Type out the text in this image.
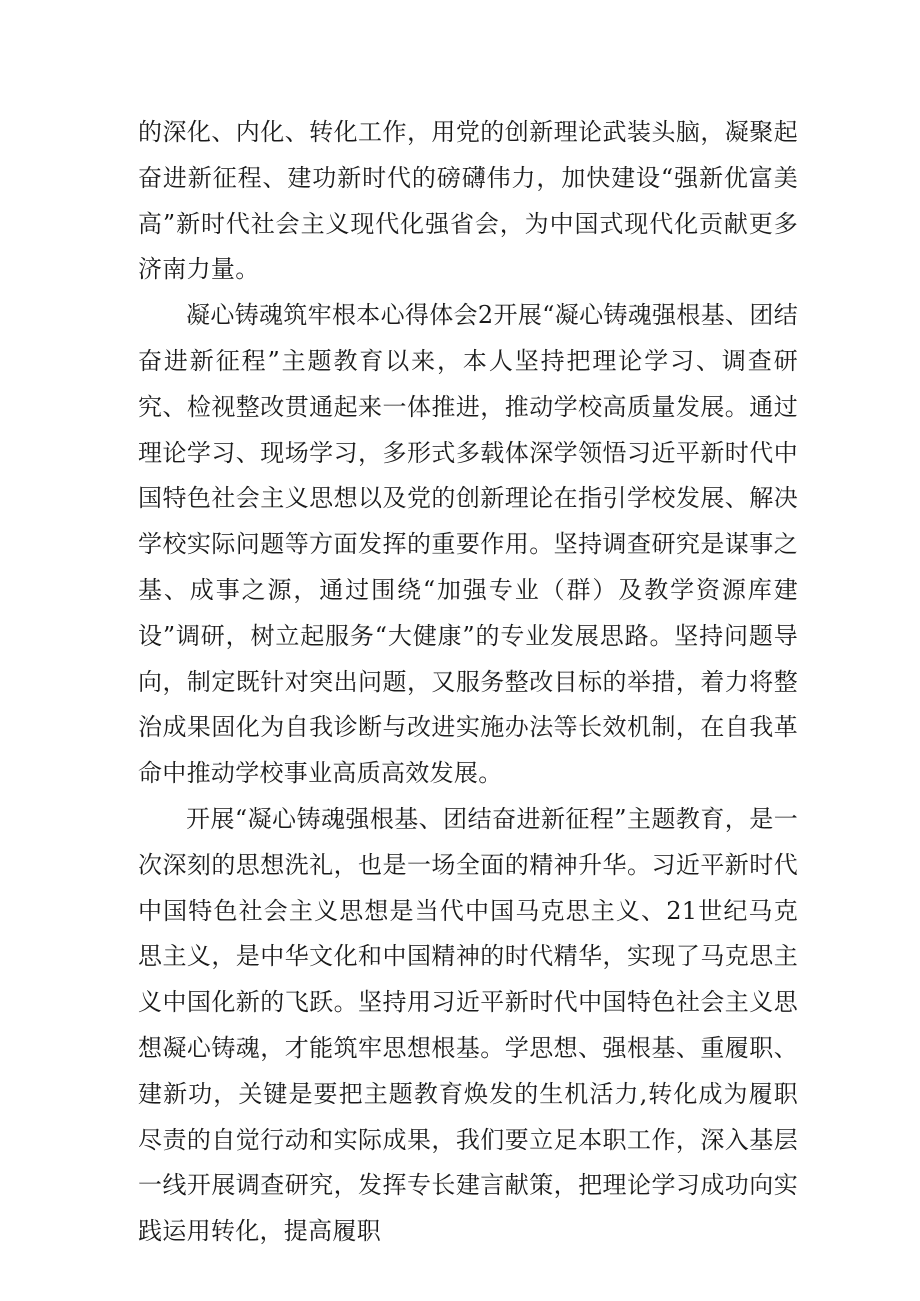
的深化、内化、转化工作，用党的创新理论武装头脑，凝聚起奋进新征程、建功新时代的磅礴伟力，加快建设“强新优富美高”新时代社会主义现代化强省会，为中国式现代化贡献更多济南力量。

凝心铸魂筑牢根本心得体会2开展“凝心铸魂强根基、团结奋进新征程”主题教育以来，本人坚持把理论学习、调查研究、检视整改贯通起来一体推进，推动学校高质量发展。通过理论学习、现场学习，多形式多载体深学领悟习近平新时代中国特色社会主义思想以及党的创新理论在指引学校发展、解决学校实际问题等方面发挥的重要作用。坚持调查研究是谋事之基、成事之源，通过围绕“加强专业（群）及教学资源库建设”调研，树立起服务“大健康”的专业发展思路。坚持问题导向，制定既针对突出问题，又服务整改目标的举措，着力将整治成果固化为自我诊断与改进实施办法等长效机制，在自我革命中推动学校事业高质高效发展。

开展“凝心铸魂强根基、团结奋进新征程”主题教育，是一次深刻的思想洗礼，也是一场全面的精神升华。习近平新时代中国特色社会主义思想是当代中国马克思主义、21世纪马克思主义，是中华文化和中国精神的时代精华，实现了马克思主义中国化新的飞跃。坚持用习近平新时代中国特色社会主义思想凝心铸魂，才能筑牢思想根基。学思想、强根基、重履职、建新功，关键是要把主题教育焕发的生机活力,转化成为履职尽责的自觉行动和实际成果，我们要立足本职工作，深入基层一线开展调查研究，发挥专长建言献策，把理论学习成功向实践运用转化，提高履职
